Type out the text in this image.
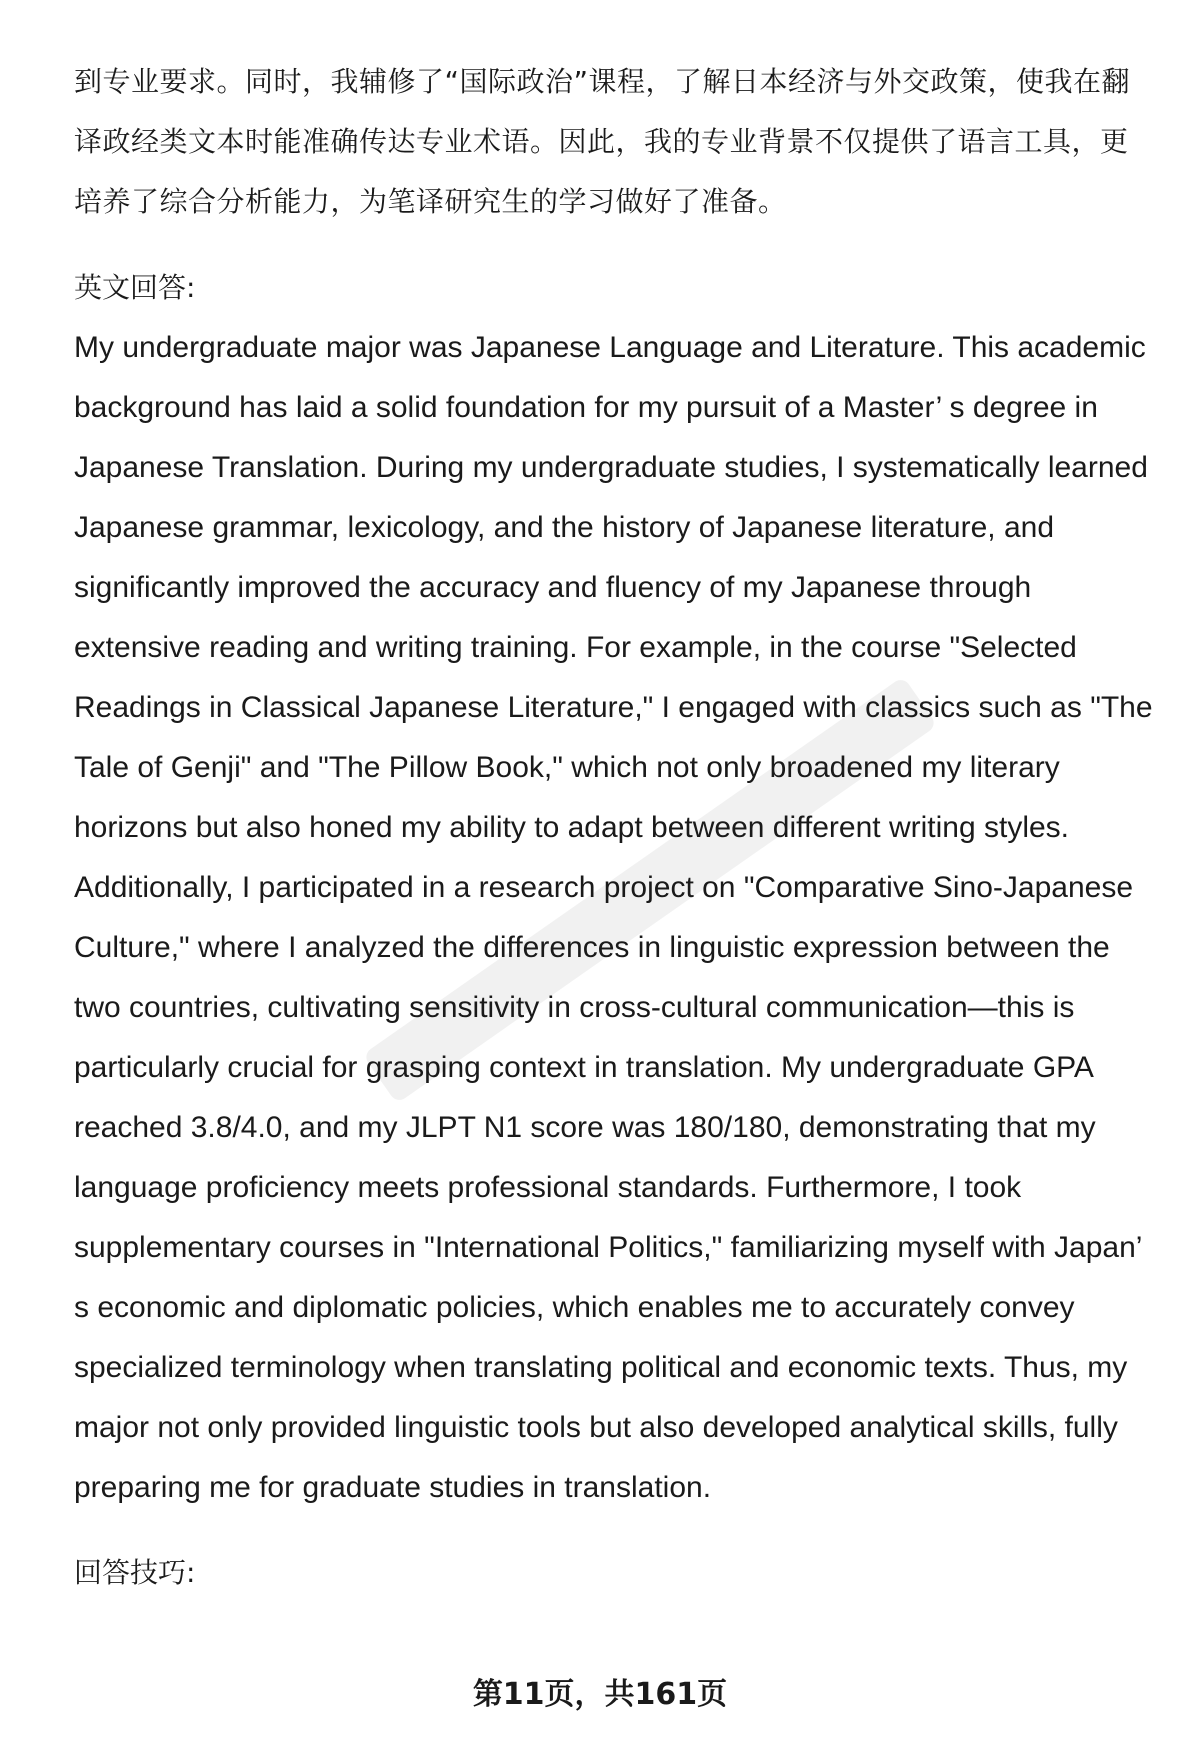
到专业要求。同时，我辅修了“国际政治”课程，了解日本经济与外交政策，使我在翻译政经类文本时能准确传达专业术语。因此，我的专业背景不仅提供了语言工具，更培养了综合分析能力，为笔译研究生的学习做好了准备。

英文回答:

My undergraduate major was Japanese Language and Literature. This academic background has laid a solid foundation for my pursuit of a Master’ s degree in Japanese Translation. During my undergraduate studies, I systematically learned Japanese grammar, lexicology, and the history of Japanese literature, and significantly improved the accuracy and fluency of my Japanese through extensive reading and writing training. For example, in the course "Selected Readings in Classical Japanese Literature," I engaged with classics such as "The Tale of Genji" and "The Pillow Book," which not only broadened my literary horizons but also honed my ability to adapt between different writing styles. Additionally, I participated in a research project on "Comparative Sino-Japanese Culture," where I analyzed the differences in linguistic expression between the two countries, cultivating sensitivity in cross-cultural communication—this is particularly crucial for grasping context in translation. My undergraduate GPA reached 3.8/4.0, and my JLPT N1 score was 180/180, demonstrating that my language proficiency meets professional standards. Furthermore, I took supplementary courses in "International Politics," familiarizing myself with Japan’ s economic and diplomatic policies, which enables me to accurately convey specialized terminology when translating political and economic texts. Thus, my major not only provided linguistic tools but also developed analytical skills, fully preparing me for graduate studies in translation.

回答技巧:

第11页，共161页
